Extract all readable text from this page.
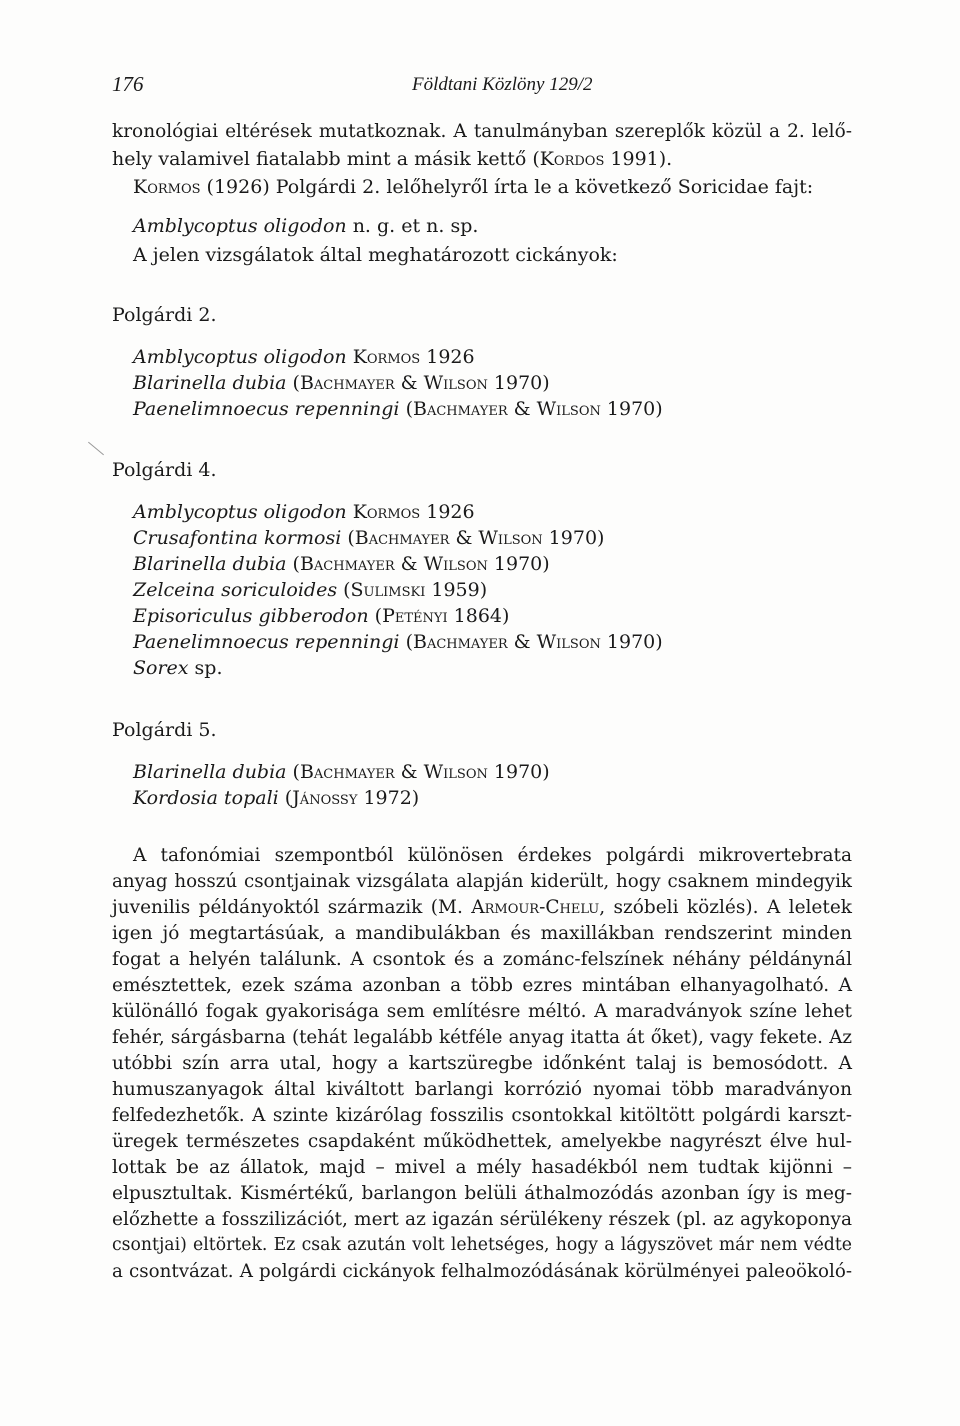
176	Földtani Közlöny 129/2
kronológiai eltérések mutatkoznak. A tanulmányban szereplők közül a 2. lelő-
hely valamivel fiatalabb mint a másik kettő (Kordos 1991).
Kormos (1926) Polgárdi 2. lelőhelyről írta le a következő Soricidae fajt:
Amblycoptus oligodon n. g. et n. sp.
A jelen vizsgálatok által meghatározott cickányok:
Polgárdi 2.
Amblycoptus oligodon Kormos 1926
Blarinella dubia (Bachmayer & Wilson 1970)
Paenelimnoecus repenningi (Bachmayer & Wilson 1970)
Polgárdi 4.
Amblycoptus oligodon Kormos 1926
Crusafontina kormosi (Bachmayer & Wilson 1970)
Blarinella dubia (Bachmayer & Wilson 1970)
Zelceina soriculoides (Sulimski 1959)
Episoriculus gibberodon (Petényi 1864)
Paenelimnoecus repenningi (Bachmayer & Wilson 1970)
Sorex sp.
Polgárdi 5.
Blarinella dubia (Bachmayer & Wilson 1970)
Kordosia topali (Jánossy 1972)
A tafonómiai szempontból különösen érdekes polgárdi mikrovertebrata
anyag hosszú csontjainak vizsgálata alapján kiderült, hogy csaknem mindegyik
juvenilis példányoktól származik (M. Armour-Chelu, szóbeli közlés). A leletek
igen jó megtartásúak, a mandibulákban és maxillákban rendszerint minden
fogat a helyén találunk. A csontok és a zománc-felszínek néhány példánynál
emésztettek, ezek száma azonban a több ezres mintában elhanyagolható. A
különálló fogak gyakorisága sem említésre méltó. A maradványok színe lehet
fehér, sárgásbarna (tehát legalább kétféle anyag itatta át őket), vagy fekete. Az
utóbbi szín arra utal, hogy a kartszüregbe időnként talaj is bemosódott. A
humuszanyagok által kiváltott barlangi korrózió nyomai több maradványon
felfedezhetők. A szinte kizárólag fosszilis csontokkal kitöltött polgárdi karszt-
üregek természetes csapdaként működhettek, amelyekbe nagyrészt élve hul-
lottak be az állatok, majd – mivel a mély hasadékból nem tudtak kijönni –
elpusztultak. Kismértékű, barlangon belüli áthalmozódás azonban így is meg-
előzhette a fosszilizációt, mert az igazán sérülékeny részek (pl. az agykoponya
csontjai) eltörtek. Ez csak azután volt lehetséges, hogy a lágyszövet már nem védte
a csontvázat. A polgárdi cickányok felhalmozódásának körülményei paleoökoló-
